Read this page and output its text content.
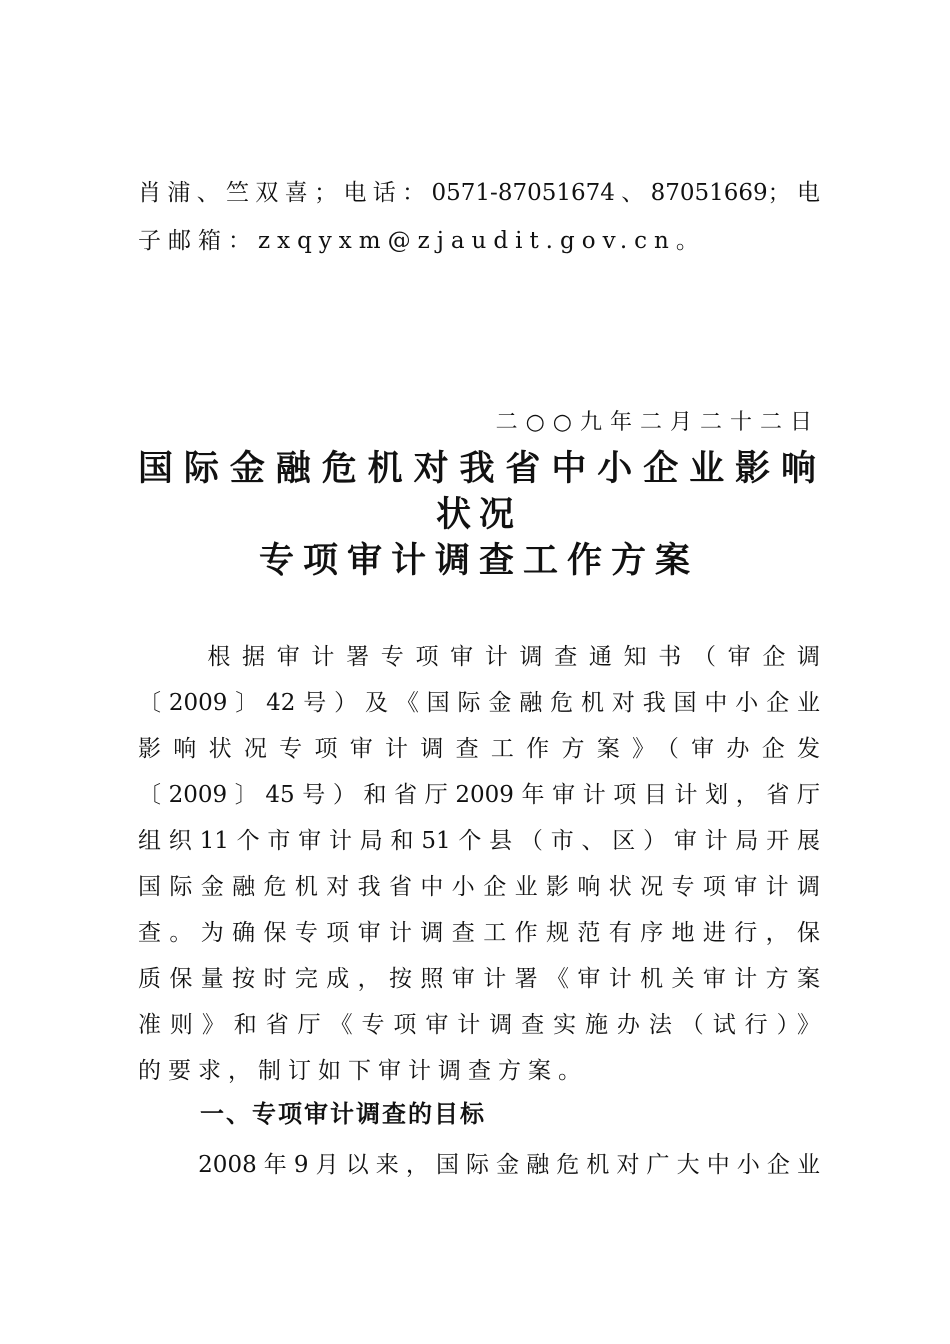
肖浦、竺双喜；电话：0571-87051674、87051669；电
子邮箱：zxqyxm@zjaudit.gov.cn。
二○○九年二月二十二日
国际金融危机对我省中小企业影响
状况
专项审计调查工作方案
　　根据审计署专项审计调查通知书（审企调
〔2009〕42号）及《国际金融危机对我国中小企业
影响状况专项审计调查工作方案》（审办企发
〔2009〕45号）和省厅2009年审计项目计划，省厅
组织11个市审计局和51个县（市、区）审计局开展
国际金融危机对我省中小企业影响状况专项审计调
查。为确保专项审计调查工作规范有序地进行，保
质保量按时完成，按照审计署《审计机关审计方案
准则》和省厅《专项审计调查实施办法（试行）》
的要求，制订如下审计调查方案。
一、专项审计调查的目标
　　2008年9月以来，国际金融危机对广大中小企业
